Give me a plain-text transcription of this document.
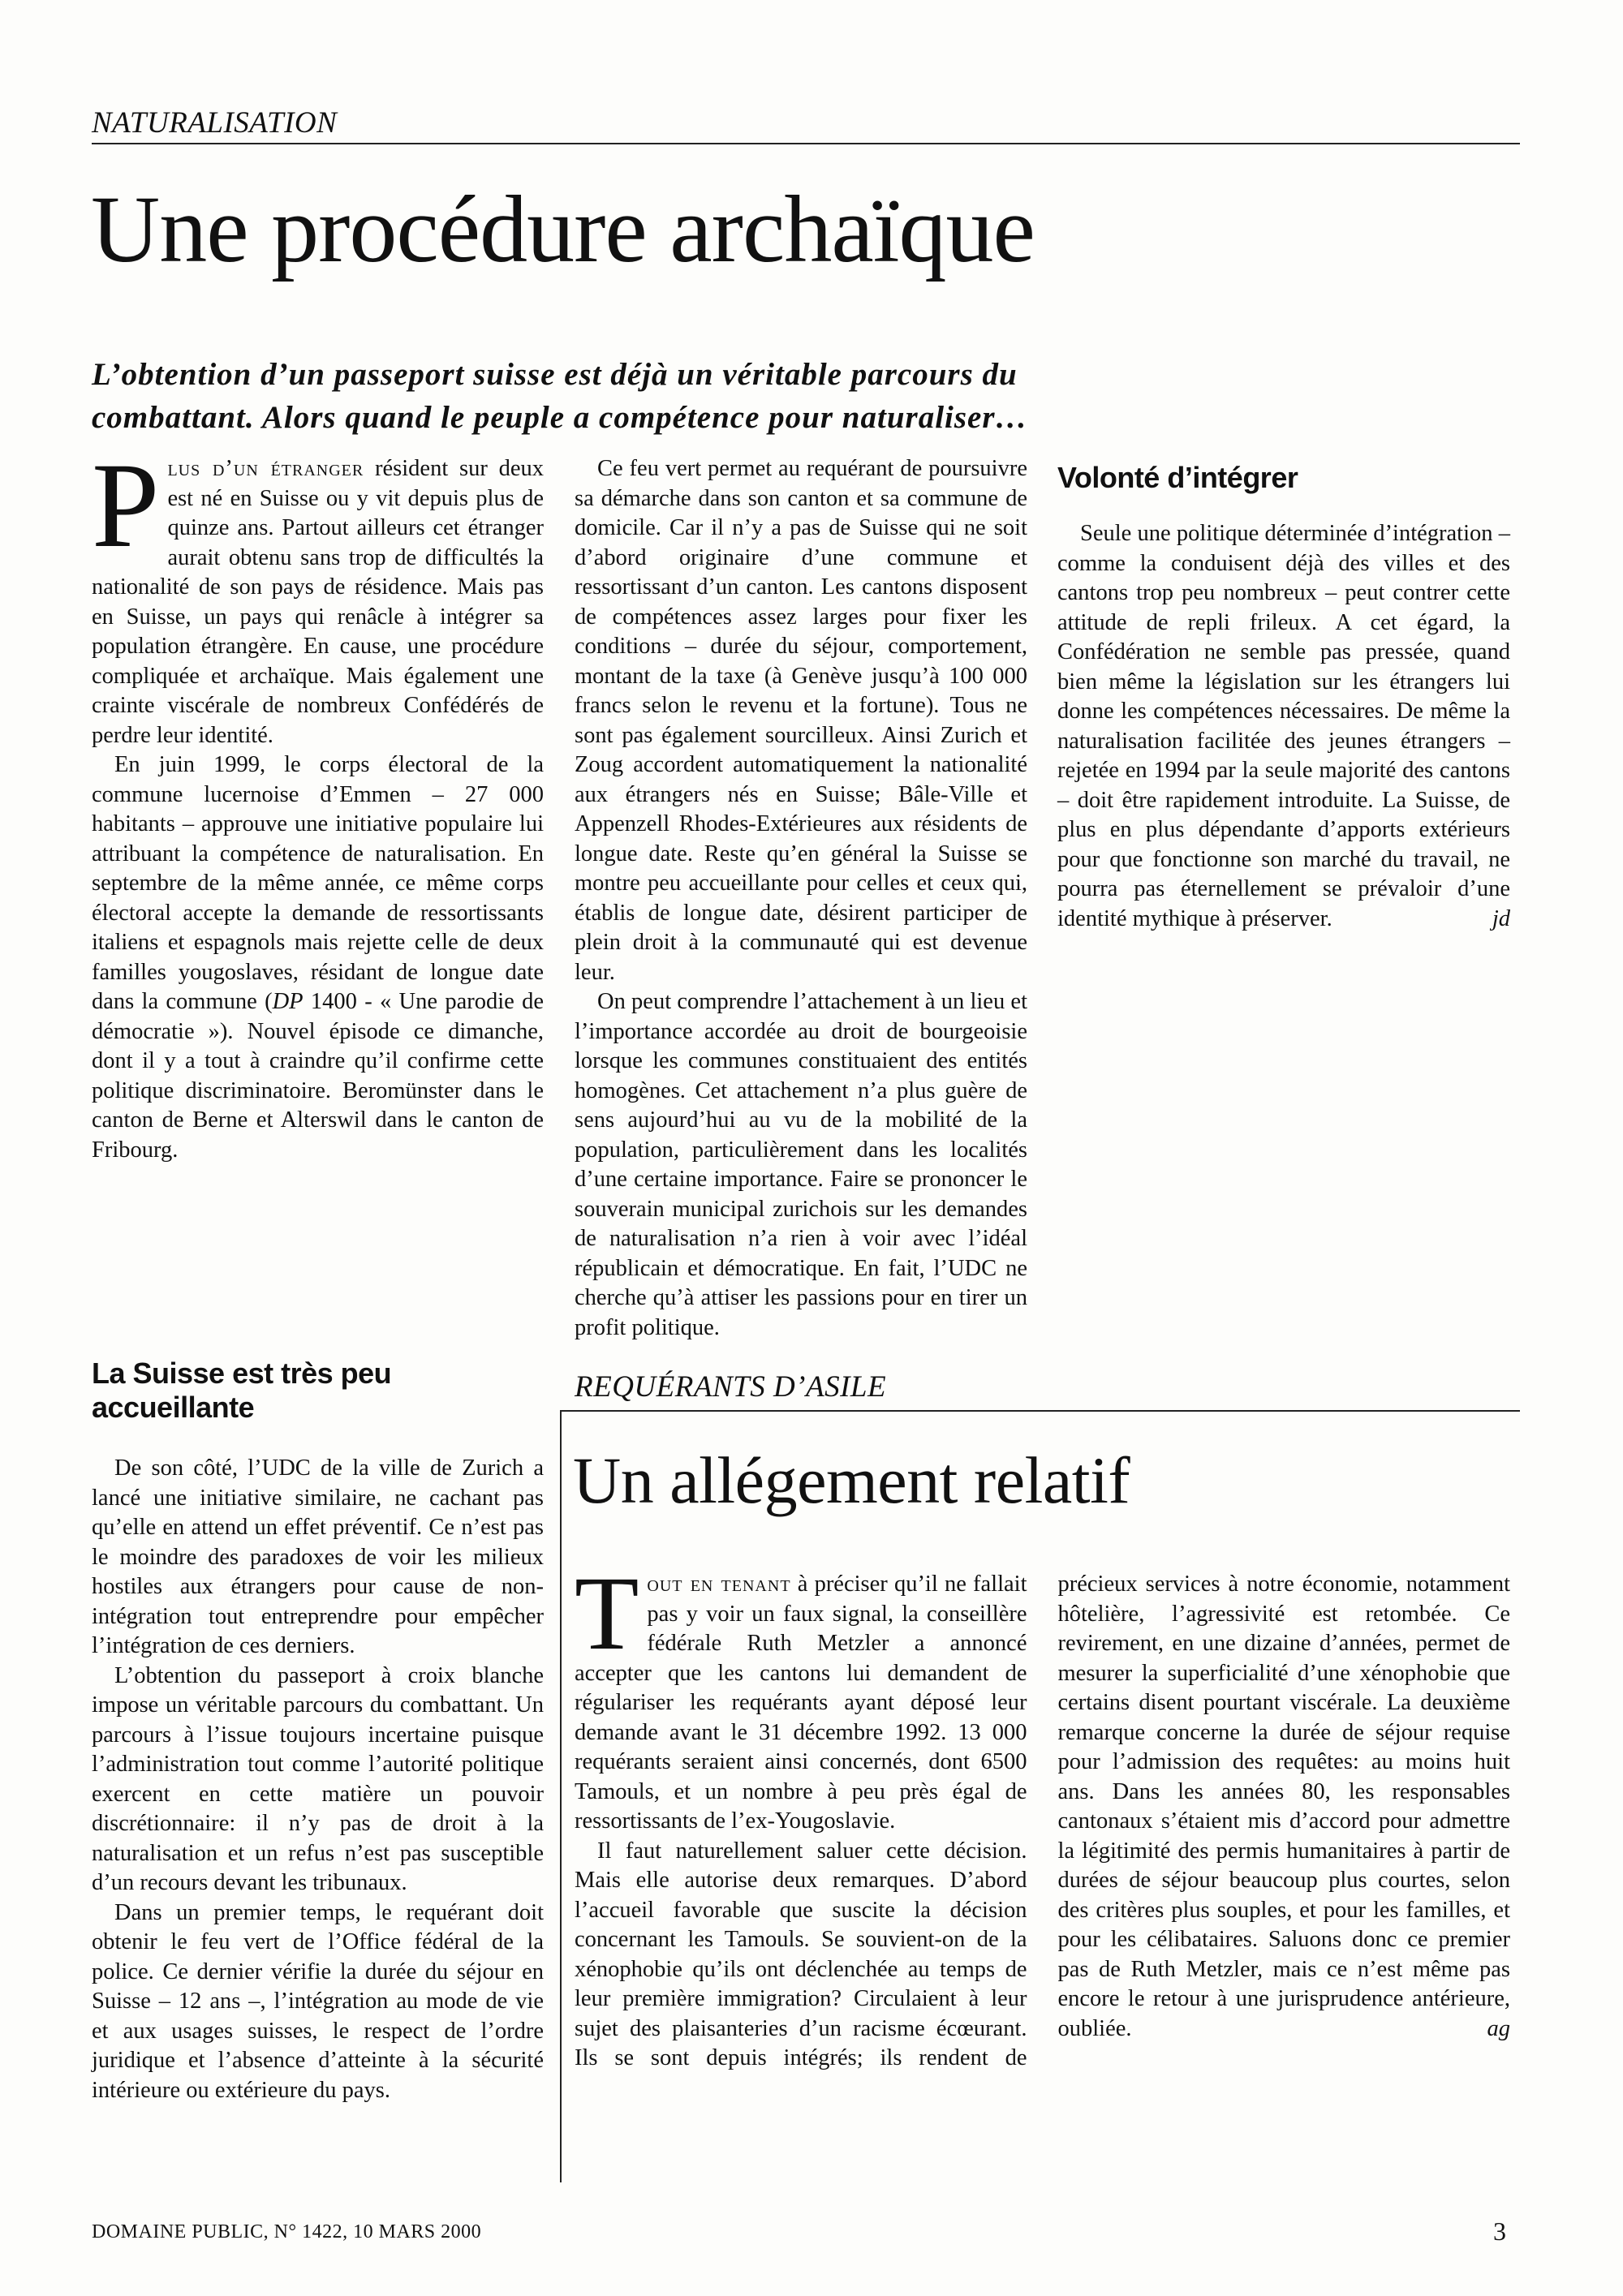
NATURALISATION
Une procédure archaïque
L’obtention d’un passeport suisse est déjà un véritable parcours du
combattant. Alors quand le peuple a compétence pour naturaliser…

Plus d’un étranger résident sur deux est né en Suisse ou y vit depuis plus de quinze ans. Partout ailleurs cet étranger aurait obtenu sans trop de difficultés la nationalité de son pays de résidence. Mais pas en Suisse, un pays qui renâcle à intégrer sa population étrangère. En cause, une procédure compliquée et archaïque. Mais également une crainte viscérale de nombreux Confédérés de perdre leur identité.

En juin 1999, le corps électoral de la commune lucernoise d’Emmen – 27 000 habitants – approuve une initiative populaire lui attribuant la compétence de naturalisation. En septembre de la même année, ce même corps électoral accepte la demande de ressortissants italiens et espagnols mais rejette celle de deux familles yougoslaves, résidant de longue date dans la commune (DP 1400 - « Une parodie de démocratie »). Nouvel épisode ce dimanche, dont il y a tout à craindre qu’il confirme cette politique discriminatoire. Beromünster dans le canton de Berne et Alterswil dans le canton de Fribourg.

La Suisse est très peu accueillante

De son côté, l’UDC de la ville de Zurich a lancé une initiative similaire, ne cachant pas qu’elle en attend un effet préventif. Ce n’est pas le moindre des paradoxes de voir les milieux hostiles aux étrangers pour cause de non-intégration tout entreprendre pour empêcher l’intégration de ces derniers.

L’obtention du passeport à croix blanche impose un véritable parcours du combattant. Un parcours à l’issue toujours incertaine puisque l’administration tout comme l’autorité politique exercent en cette matière un pouvoir discrétionnaire: il n’y pas de droit à la naturalisation et un refus n’est pas susceptible d’un recours devant les tribunaux.

Dans un premier temps, le requérant doit obtenir le feu vert de l’Office fédéral de la police. Ce dernier vérifie la durée du séjour en Suisse – 12 ans –, l’intégration au mode de vie et aux usages suisses, le respect de l’ordre juridique et l’absence d’atteinte à la sécurité intérieure ou extérieure du pays.

Ce feu vert permet au requérant de poursuivre sa démarche dans son canton et sa commune de domicile. Car il n’y a pas de Suisse qui ne soit d’abord originaire d’une commune et ressortissant d’un canton. Les cantons disposent de compétences assez larges pour fixer les conditions – durée du séjour, comportement, montant de la taxe (à Genève jusqu’à 100 000 francs selon le revenu et la fortune). Tous ne sont pas également sourcilleux. Ainsi Zurich et Zoug accordent automatiquement la nationalité aux étrangers nés en Suisse; Bâle-Ville et Appenzell Rhodes-Extérieures aux résidents de longue date. Reste qu’en général la Suisse se montre peu accueillante pour celles et ceux qui, établis de longue date, désirent participer de plein droit à la communauté qui est devenue leur.

On peut comprendre l’attachement à un lieu et l’importance accordée au droit de bourgeoisie lorsque les communes constituaient des entités homogènes. Cet attachement n’a plus guère de sens aujourd’hui au vu de la mobilité de la population, particulièrement dans les localités d’une certaine importance. Faire se prononcer le souverain municipal zurichois sur les demandes de naturalisation n’a rien à voir avec l’idéal républicain et démocratique. En fait, l’UDC ne cherche qu’à attiser les passions pour en tirer un profit politique.

Volonté d’intégrer

Seule une politique déterminée d’intégration – comme la conduisent déjà des villes et des cantons trop peu nombreux – peut contrer cette attitude de repli frileux. A cet égard, la Confédération ne semble pas pressée, quand bien même la législation sur les étrangers lui donne les compétences nécessaires. De même la naturalisation facilitée des jeunes étrangers – rejetée en 1994 par la seule majorité des cantons – doit être rapidement introduite. La Suisse, de plus en plus dépendante d’apports extérieurs pour que fonctionne son marché du travail, ne pourra pas éternellement se prévaloir d’une identité mythique à préserver.	jd

REQUÉRANTS D’ASILE
Un allégement relatif

Tout en tenant à préciser qu’il ne fallait pas y voir un faux signal, la conseillère fédérale Ruth Metzler a annoncé accepter que les cantons lui demandent de régulariser les requérants ayant déposé leur demande avant le 31 décembre 1992. 13 000 requérants seraient ainsi concernés, dont 6500 Tamouls, et un nombre à peu près égal de ressortissants de l’ex-Yougoslavie.

Il faut naturellement saluer cette décision. Mais elle autorise deux remarques. D’abord l’accueil favorable que suscite la décision concernant les Tamouls. Se souvient-on de la xénophobie qu’ils ont déclenchée au temps de leur première immigration? Circulaient à leur sujet des plaisanteries d’un racisme écœurant. Ils se sont depuis intégrés; ils rendent de précieux services à notre économie, notamment hôtelière, l’agressivité est retombée. Ce revirement, en une dizaine d’années, permet de mesurer la superficialité d’une xénophobie que certains disent pourtant viscérale. La deuxième remarque concerne la durée de séjour requise pour l’admission des requêtes: au moins huit ans. Dans les années 80, les responsables cantonaux s’étaient mis d’accord pour admettre la légitimité des permis humanitaires à partir de durées de séjour beaucoup plus courtes, selon des critères plus souples, et pour les familles, et pour les célibataires. Saluons donc ce premier pas de Ruth Metzler, mais ce n’est même pas encore le retour à une jurisprudence antérieure, oubliée.	ag

DOMAINE PUBLIC, N° 1422, 10 MARS 2000	3
